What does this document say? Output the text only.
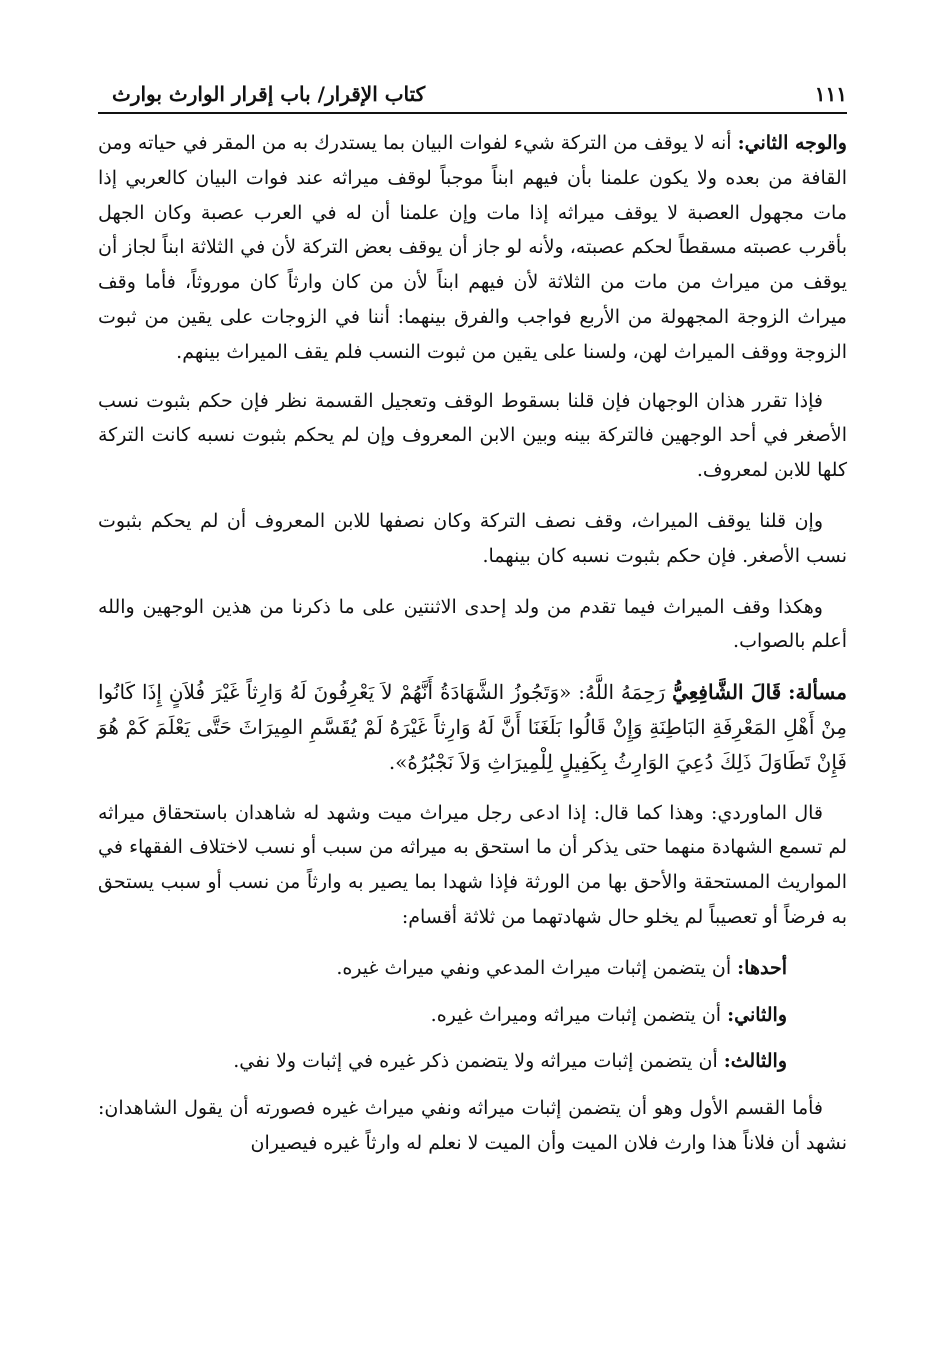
كتاب الإقرار/ باب إقرار الوارث بوارث	١١١

والوجه الثاني: أنه لا يوقف من التركة شيء لفوات البيان بما يستدرك به من المقر في حياته ومن القافة من بعده ولا يكون علمنا بأن فيهم ابناً موجباً لوقف ميراثه عند فوات البيان كالعربي إذا مات مجهول العصبة لا يوقف ميراثه إذا مات وإن علمنا أن له في العرب عصبة وكان الجهل بأقرب عصبته مسقطاً لحكم عصبته، ولأنه لو جاز أن يوقف بعض التركة لأن في الثلاثة ابناً لجاز أن يوقف من ميراث من مات من الثلاثة لأن فيهم ابناً لأن من كان وارثاً كان موروثاً، فأما وقف ميراث الزوجة المجهولة من الأربع فواجب والفرق بينهما: أننا في الزوجات على يقين من ثبوت الزوجة ووقف الميراث لهن، ولسنا على يقين من ثبوت النسب فلم يقف الميراث بينهم.

فإذا تقرر هذان الوجهان فإن قلنا بسقوط الوقف وتعجيل القسمة نظر فإن حكم بثبوت نسب الأصغر في أحد الوجهين فالتركة بينه وبين الابن المعروف وإن لم يحكم بثبوت نسبه كانت التركة كلها للابن لمعروف.

وإن قلنا يوقف الميراث، وقف نصف التركة وكان نصفها للابن المعروف أن لم يحكم بثبوت نسب الأصغر. فإن حكم بثبوت نسبه كان بينهما.

وهكذا وقف الميراث فيما تقدم من ولد إحدى الاثنتين على ما ذكرنا من هذين الوجهين والله أعلم بالصواب.

مسألة: قَالَ الشَّافِعِيُّ رَحِمَهُ اللَّهُ: «وَتَجُوزُ الشَّهَادَةُ أَنَّهُمْ لاَ يَعْرِفُونَ لَهُ وَارِثاً غَيْرَ فُلاَنٍ إِذَا كَانُوا مِنْ أَهْلِ المَعْرِفَةِ البَاطِنَةِ وَإِنْ قَالُوا بَلَغَنَا أَنَّ لَهُ وَارِثاً غَيْرَهُ لَمْ يُقَسَّمِ المِيرَاثَ حَتَّى يَعْلَمَ كَمْ هُوَ فَإِنْ تَطَاوَلَ ذَلِكَ دُعِيَ الوَارِثُ بِكَفِيلٍ لِلْمِيرَاثِ وَلاَ نَجْبُرُهُ».

قال الماوردي: وهذا كما قال: إذا ادعى رجل ميراث ميت وشهد له شاهدان باستحقاق ميراثه لم تسمع الشهادة منهما حتى يذكر أن ما استحق به ميراثه من سبب أو نسب لاختلاف الفقهاء في المواريث المستحقة والأحق بها من الورثة فإذا شهدا بما يصير به وارثاً من نسب أو سبب يستحق به فرضاً أو تعصيباً لم يخلو حال شهادتهما من ثلاثة أقسام:

أحدها: أن يتضمن إثبات ميراث المدعي ونفي ميراث غيره.

والثاني: أن يتضمن إثبات ميراثه وميراث غيره.

والثالث: أن يتضمن إثبات ميراثه ولا يتضمن ذكر غيره في إثبات ولا نفي.

فأما القسم الأول وهو أن يتضمن إثبات ميراثه ونفي ميراث غيره فصورته أن يقول الشاهدان: نشهد أن فلاناً هذا وارث فلان الميت وأن الميت لا نعلم له وارثاً غيره فيصيران
